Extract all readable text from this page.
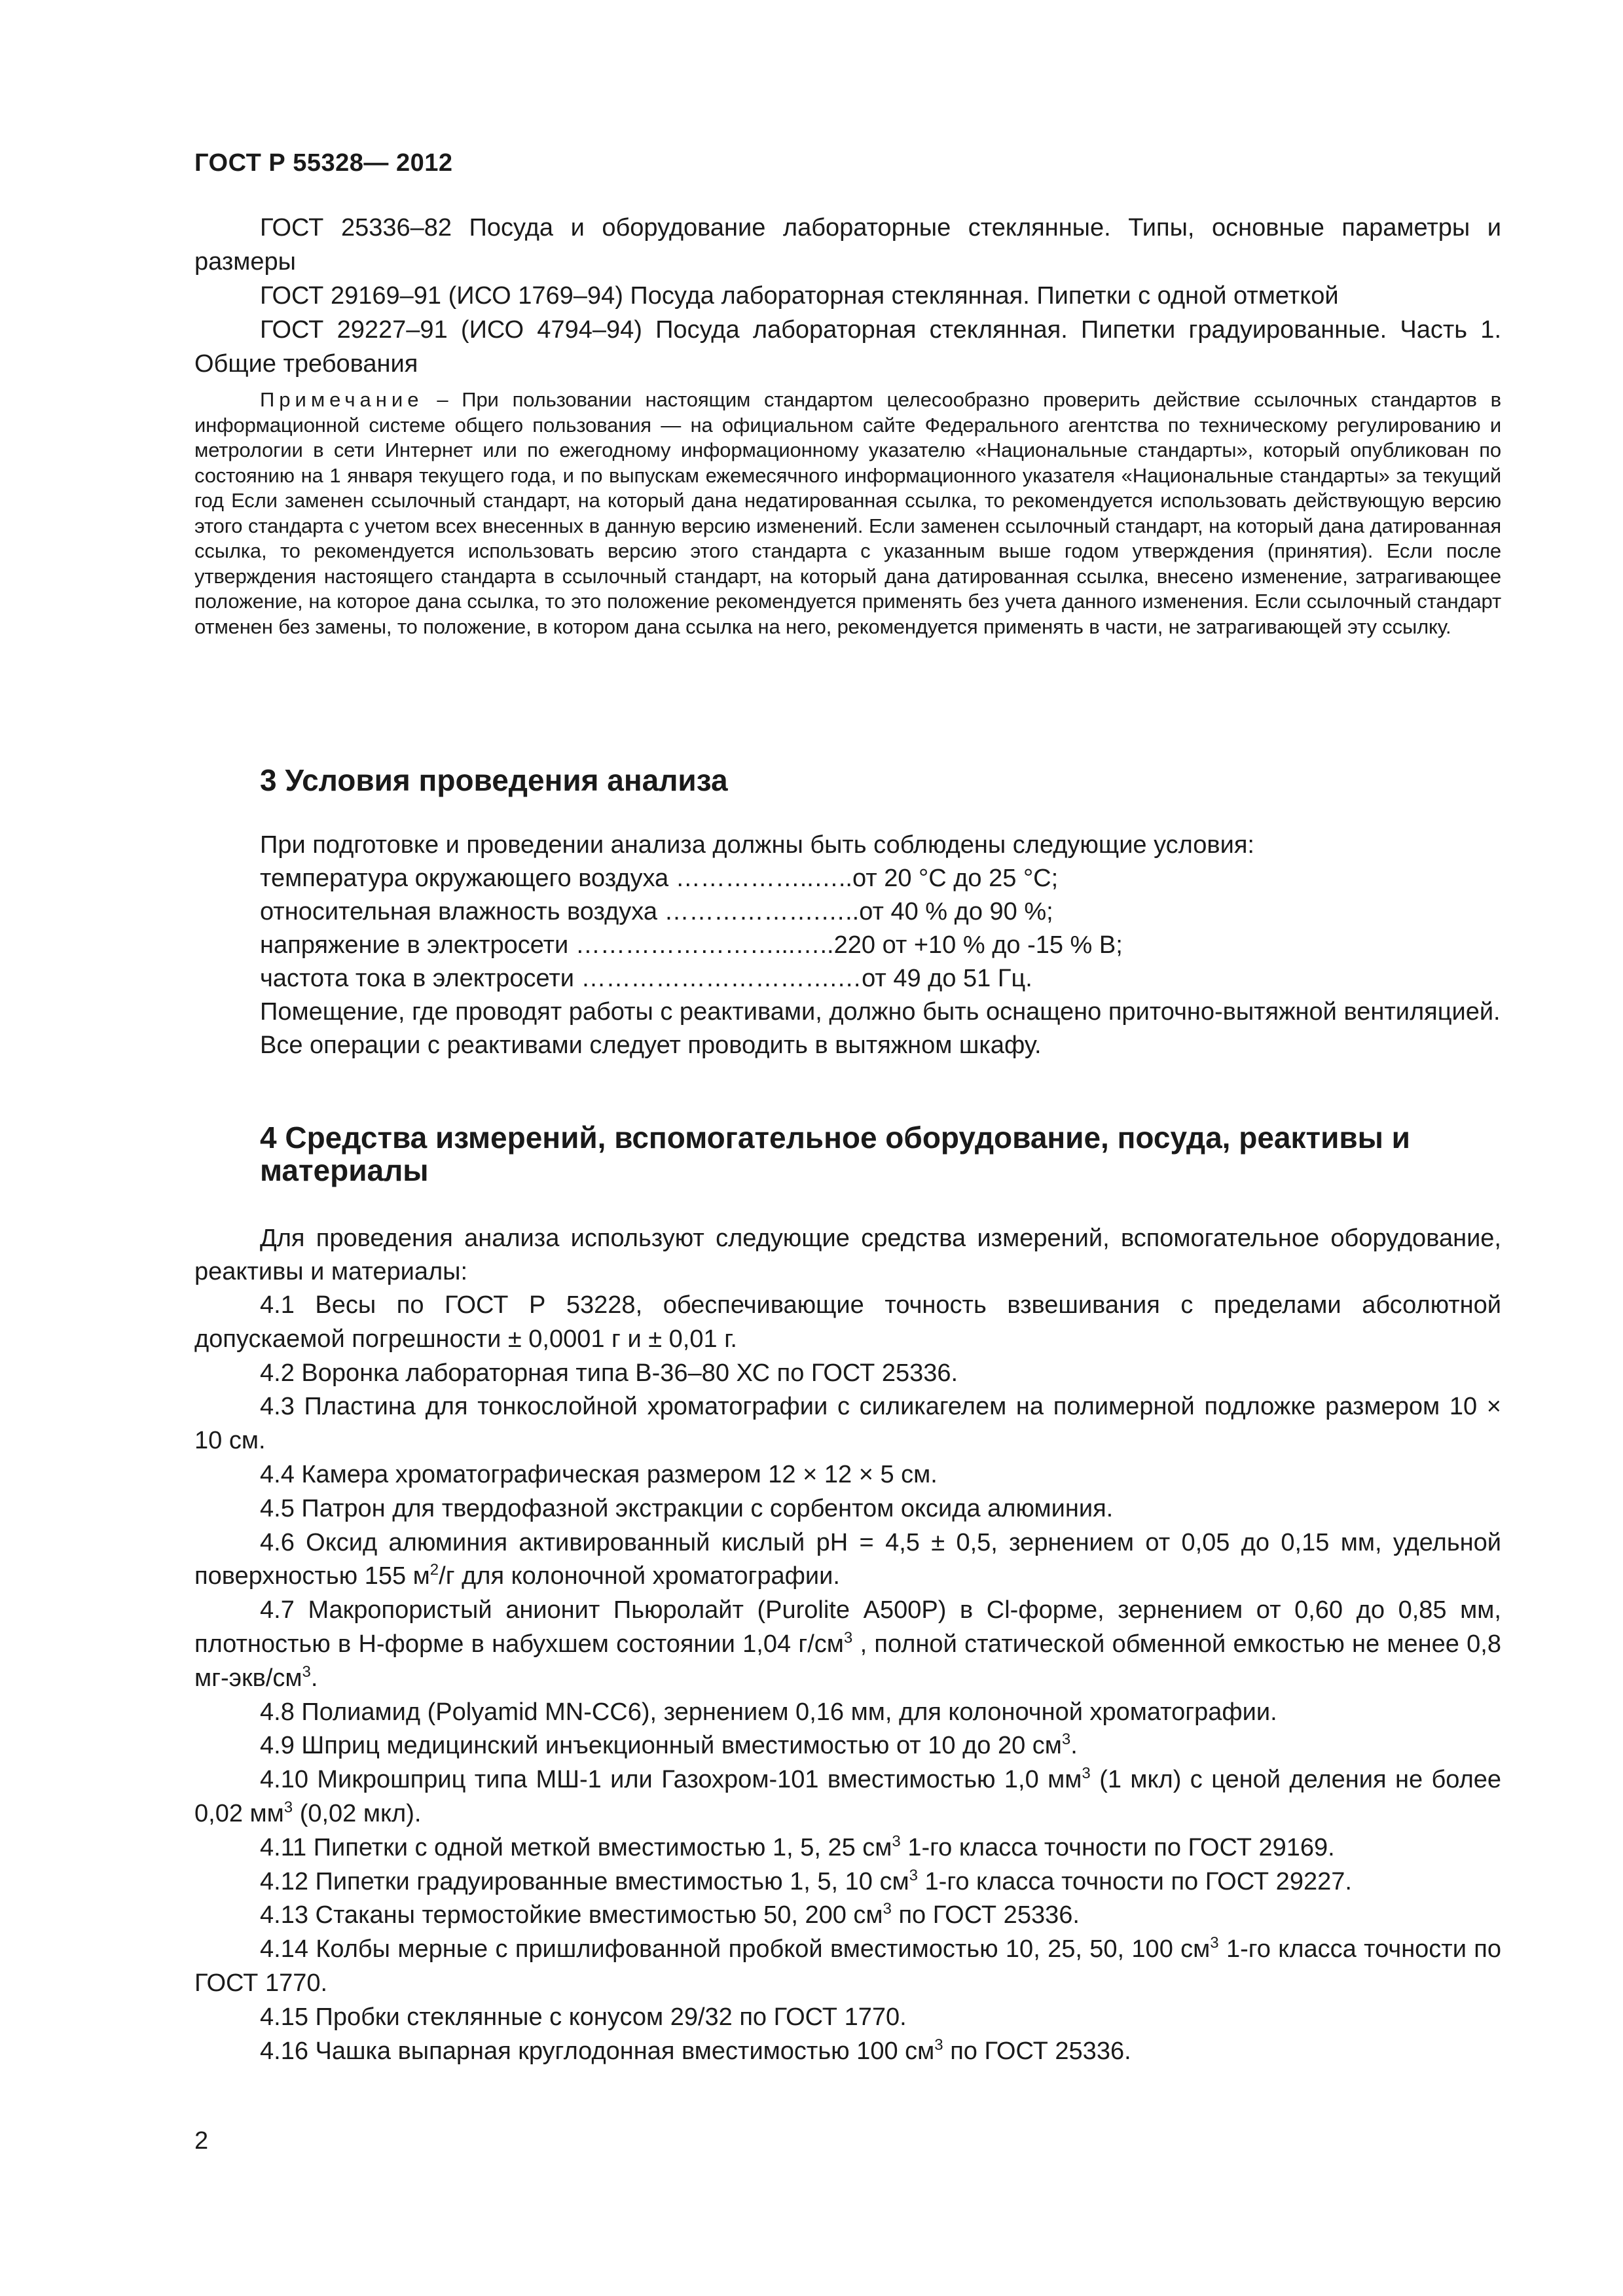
ГОСТ Р 55328— 2012

ГОСТ 25336–82 Посуда и оборудование лабораторные стеклянные. Типы, основные параметры и размеры

ГОСТ 29169–91 (ИСО 1769–94) Посуда лабораторная стеклянная. Пипетки с одной отметкой

ГОСТ 29227–91 (ИСО 4794–94) Посуда лабораторная стеклянная. Пипетки градуированные. Часть 1. Общие требования

Примечание – При пользовании настоящим стандартом целесообразно проверить действие ссылочных стандартов в информационной системе общего пользования — на официальном сайте Федерального агентства по техническому регулированию и метрологии в сети Интернет или по ежегодному информационному указателю «Национальные стандарты», который опубликован по состоянию на 1 января текущего года, и по выпускам ежемесячного информационного указателя «Национальные стандарты» за текущий год Если заменен ссылочный стандарт, на который дана недатированная ссылка, то рекомендуется использовать действующую версию этого стандарта с учетом всех внесенных в данную версию изменений. Если заменен ссылочный стандарт, на который дана датированная ссылка, то рекомендуется использовать версию этого стандарта с указанным выше годом утверждения (принятия). Если после утверждения настоящего стандарта в ссылочный стандарт, на который дана датированная ссылка, внесено изменение, затрагивающее положение, на которое дана ссылка, то это положение рекомендуется применять без учета данного изменения. Если ссылочный стандарт отменен без замены, то положение, в котором дана ссылка на него, рекомендуется применять в части, не затрагивающей эту ссылку.

3 Условия проведения анализа

При подготовке и проведении анализа должны быть соблюдены следующие условия:

температура окружающего воздуха ……………..…..от 20 °С до 25 °С;

относительная влажность воздуха ……………….…..от 40 % до 90 %;

напряжение в электросети ……………………...…..220 от +10 % до -15 % В;

частота тока в электросети ………………………….…от 49 до 51 Гц.

Помещение, где проводят работы с реактивами, должно быть оснащено приточно-вытяжной вентиляцией.

Все операции с реактивами следует проводить в вытяжном шкафу.

4 Средства измерений, вспомогательное оборудование, посуда, реактивы и материалы

Для проведения анализа используют следующие средства измерений, вспомогательное оборудование, реактивы и материалы:

4.1 Весы по ГОСТ Р 53228, обеспечивающие точность взвешивания с пределами абсолютной допускаемой погрешности ± 0,0001 г и ± 0,01 г.

4.2 Воронка лабораторная типа В-36–80 ХС по ГОСТ 25336.

4.3 Пластина для тонкослойной хроматографии с силикагелем на полимерной подложке размером 10 × 10 см.

4.4 Камера хроматографическая размером 12 × 12 × 5 см.

4.5 Патрон для твердофазной экстракции с сорбентом оксида алюминия.

4.6 Оксид алюминия активированный кислый рН = 4,5 ± 0,5, зернением от 0,05 до 0,15 мм, удельной поверхностью 155 $м^2/г$ для колоночной хроматографии.

4.7 Макропористый анионит Пьюролайт (Purolite А500Р) в Cl-форме, зернением от 0,60 до 0,85 мм, плотностью в Н-форме в набухшем состоянии 1,04 $г/см^3$ , полной статической обменной емкостью не менее 0,8 $мг-экв/см^3$.

4.8 Полиамид (Polyamid MN-CC6), зернением 0,16 мм, для колоночной хроматографии.

4.9 Шприц медицинский инъекционный вместимостью от 10 до 20 $см^3$.

4.10 Микрошприц типа МШ-1 или Газохром-101 вместимостью 1,0 $мм^3$ (1 мкл) с ценой деления не более 0,02 $мм^3$ (0,02 мкл).

4.11 Пипетки с одной меткой вместимостью 1, 5, 25 $см^3$ 1-го класса точности по ГОСТ 29169.

4.12 Пипетки градуированные вместимостью 1, 5, 10 $см^3$ 1-го класса точности по ГОСТ 29227.

4.13 Стаканы термостойкие вместимостью 50, 200 $см^3$ по ГОСТ 25336.

4.14 Колбы мерные с пришлифованной пробкой вместимостью 10, 25, 50, 100 $см^3$ 1-го класса точности по ГОСТ 1770.

4.15 Пробки стеклянные с конусом 29/32 по ГОСТ 1770.

4.16 Чашка выпарная круглодонная вместимостью 100 $см^3$ по ГОСТ 25336.

2
